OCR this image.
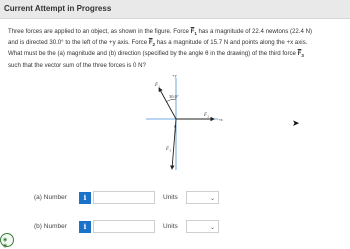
Current Attempt in Progress

Three forces are applied to an object, as shown in the figure. Force $\overline{F}_1$ has a magnitude of 22.4 newtons (22.4 N)

and is directed 30.0° to the left of the +y axis. Force $\overline{F}_2$ has a magnitude of 15.7 N and points along the +x axis.

What must be the (a) magnitude and (b) direction (specified by the angle θ in the drawing) of the third force $\overline{F}_3$

such that the vector sum of the three forces is 0 N?

+y
+x
30.0°
θ
F 1
F 2
F 3
➤
(a) Number	i	Units	⌄
(b) Number	i	Units	⌄
◉ ◉
